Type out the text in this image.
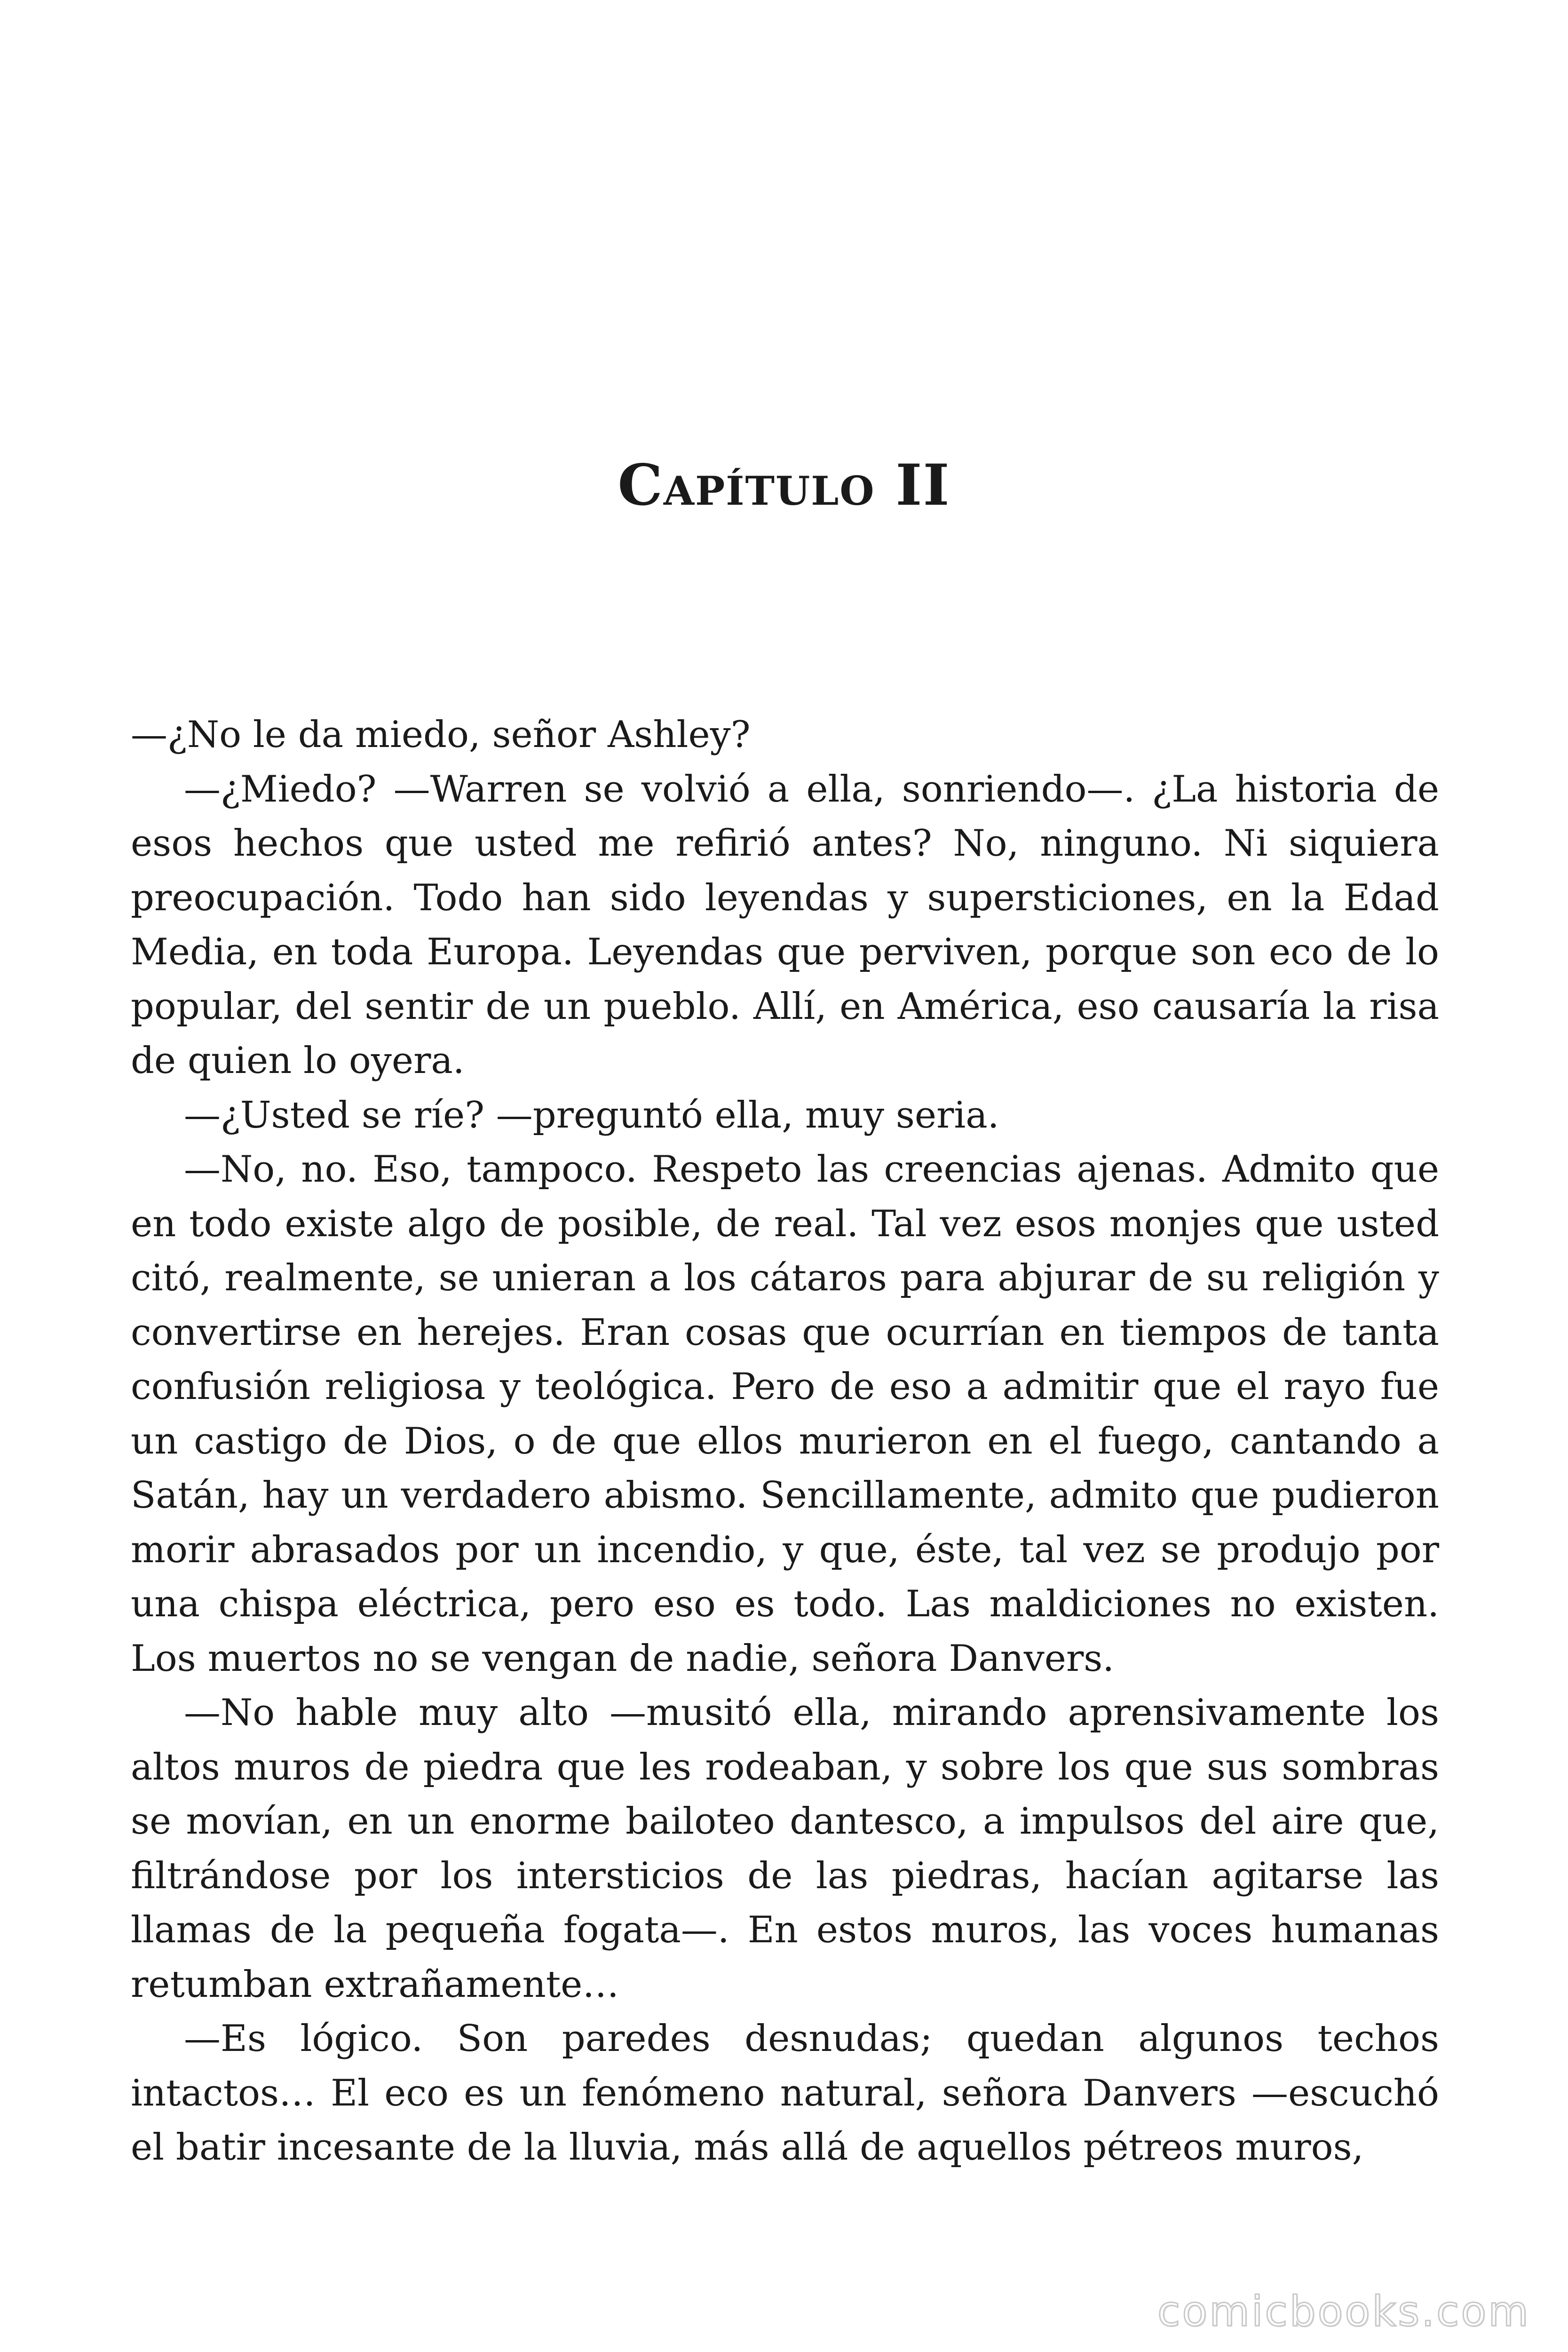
Capítulo II

—¿No le da miedo, señor Ashley?

—¿Miedo? —Warren se volvió a ella, sonriendo—. ¿La historia de esos hechos que usted me refirió antes? No, ninguno. Ni siquiera preocupación. Todo han sido leyendas y supersticiones, en la Edad Media, en toda Europa. Leyendas que perviven, porque son eco de lo popular, del sentir de un pueblo. Allí, en América, eso causaría la risa de quien lo oyera.

—¿Usted se ríe? —preguntó ella, muy seria.

—No, no. Eso, tampoco. Respeto las creencias ajenas. Admito que en todo existe algo de posible, de real. Tal vez esos monjes que usted citó, realmente, se unieran a los cátaros para abjurar de su religión y convertirse en herejes. Eran cosas que ocurrían en tiempos de tanta confusión religiosa y teológica. Pero de eso a admitir que el rayo fue un castigo de Dios, o de que ellos murieron en el fuego, cantando a Satán, hay un verdadero abismo. Sencillamente, admito que pudieron morir abrasados por un incendio, y que, éste, tal vez se produjo por una chispa eléctrica, pero eso es todo. Las maldiciones no existen. Los muertos no se vengan de nadie, señora Danvers.

—No hable muy alto —musitó ella, mirando aprensivamente los altos muros de piedra que les rodeaban, y sobre los que sus sombras se movían, en un enorme bailoteo dantesco, a impulsos del aire que, filtrándose por los intersticios de las piedras, hacían agitarse las llamas de la pequeña fogata—. En estos muros, las voces humanas retumban extrañamente…

—Es lógico. Son paredes desnudas; quedan algunos techos intactos… El eco es un fenómeno natural, señora Danvers —escuchó el batir incesante de la lluvia, más allá de aquellos pétreos muros,

comicbooks.com
